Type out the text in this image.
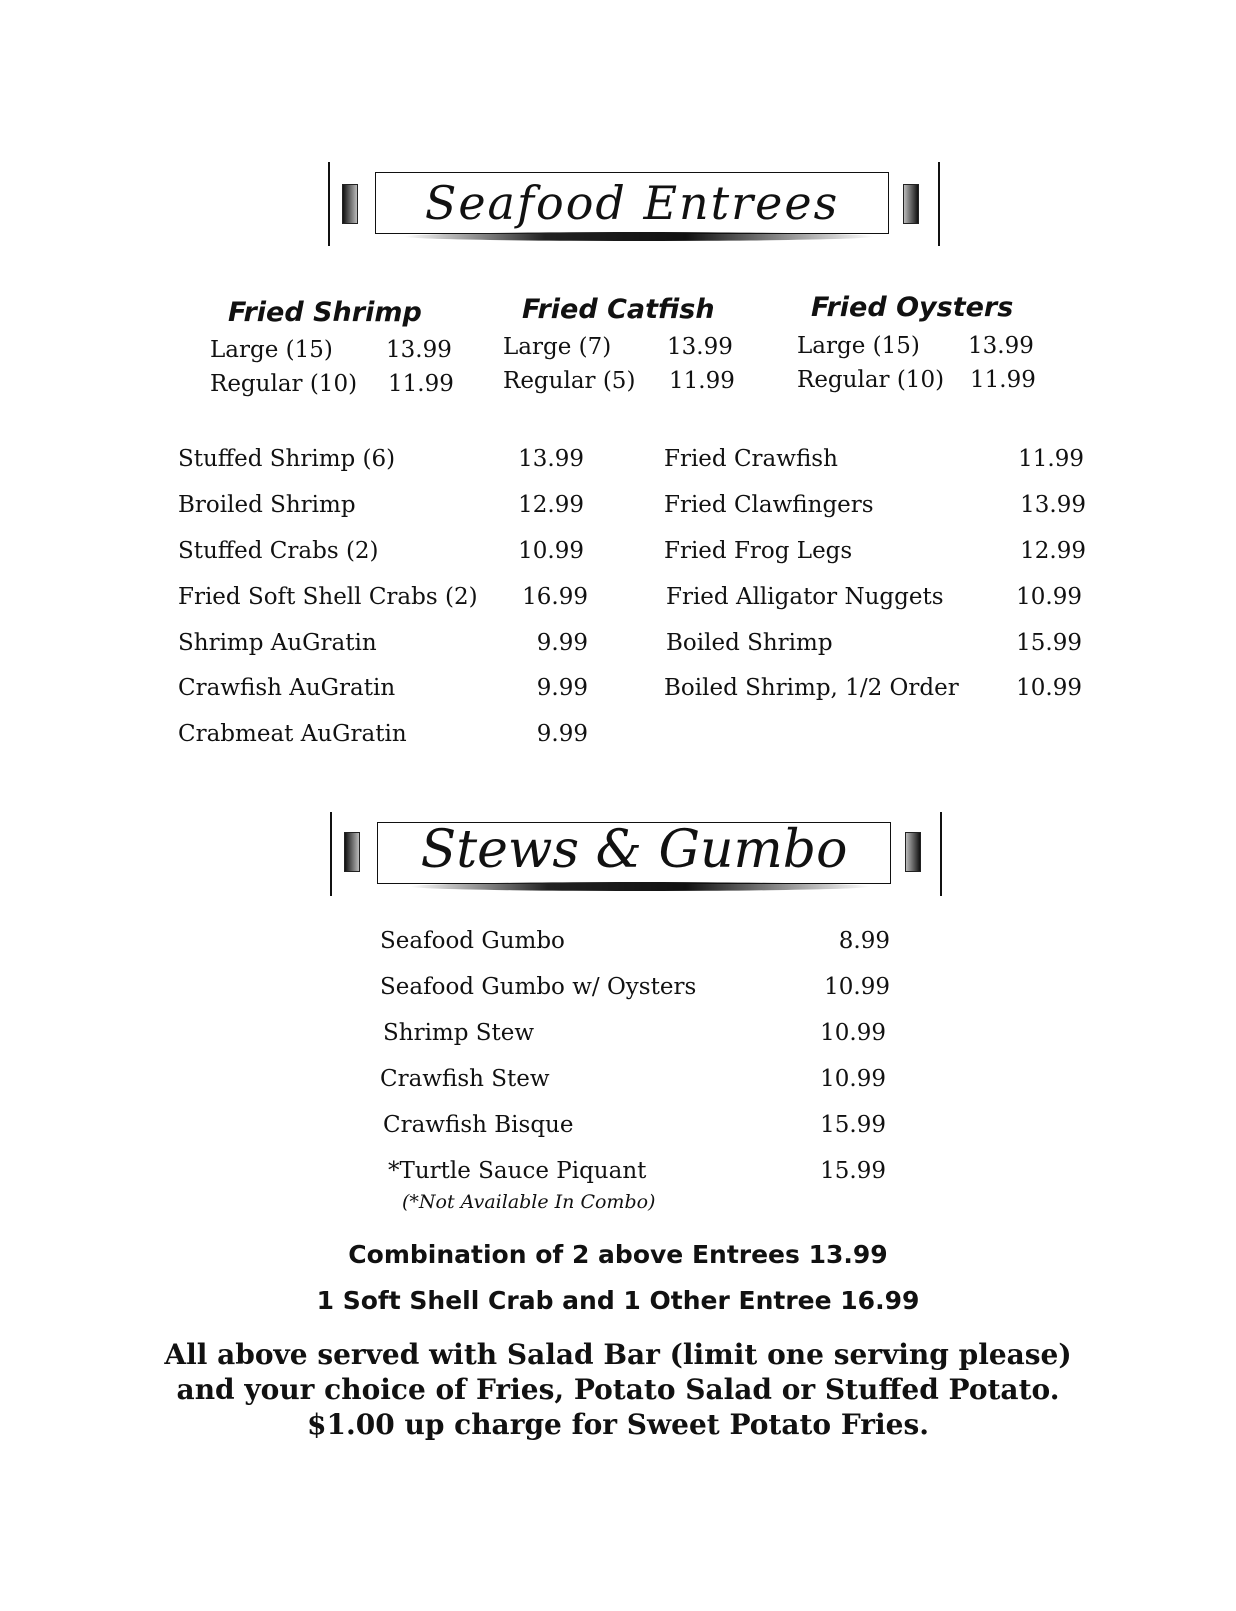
Seafood Entrees
Fried Shrimp
Large (15) 13.99
Regular (10) 11.99
Fried Catfish
Large (7) 13.99
Regular (5) 11.99
Fried Oysters
Large (15) 13.99
Regular (10) 11.99
Stuffed Shrimp (6)	13.99
Broiled Shrimp	12.99
Stuffed Crabs (2)	10.99
Fried Soft Shell Crabs (2)	16.99
Shrimp AuGratin	9.99
Crawfish AuGratin	9.99
Crabmeat AuGratin	9.99
Fried Crawfish	11.99
Fried Clawfingers	13.99
Fried Frog Legs	12.99
Fried Alligator Nuggets	10.99
Boiled Shrimp	15.99
Boiled Shrimp, 1/2 Order	10.99
Stews & Gumbo
Seafood Gumbo	8.99
Seafood Gumbo w/ Oysters	10.99
Shrimp Stew	10.99
Crawfish Stew	10.99
Crawfish Bisque	15.99
*Turtle Sauce Piquant	15.99
(*Not Available In Combo)
Combination of 2 above Entrees 13.99
1 Soft Shell Crab and 1 Other Entree 16.99
All above served with Salad Bar (limit one serving please)
and your choice of Fries, Potato Salad or Stuffed Potato.
$1.00 up charge for Sweet Potato Fries.
